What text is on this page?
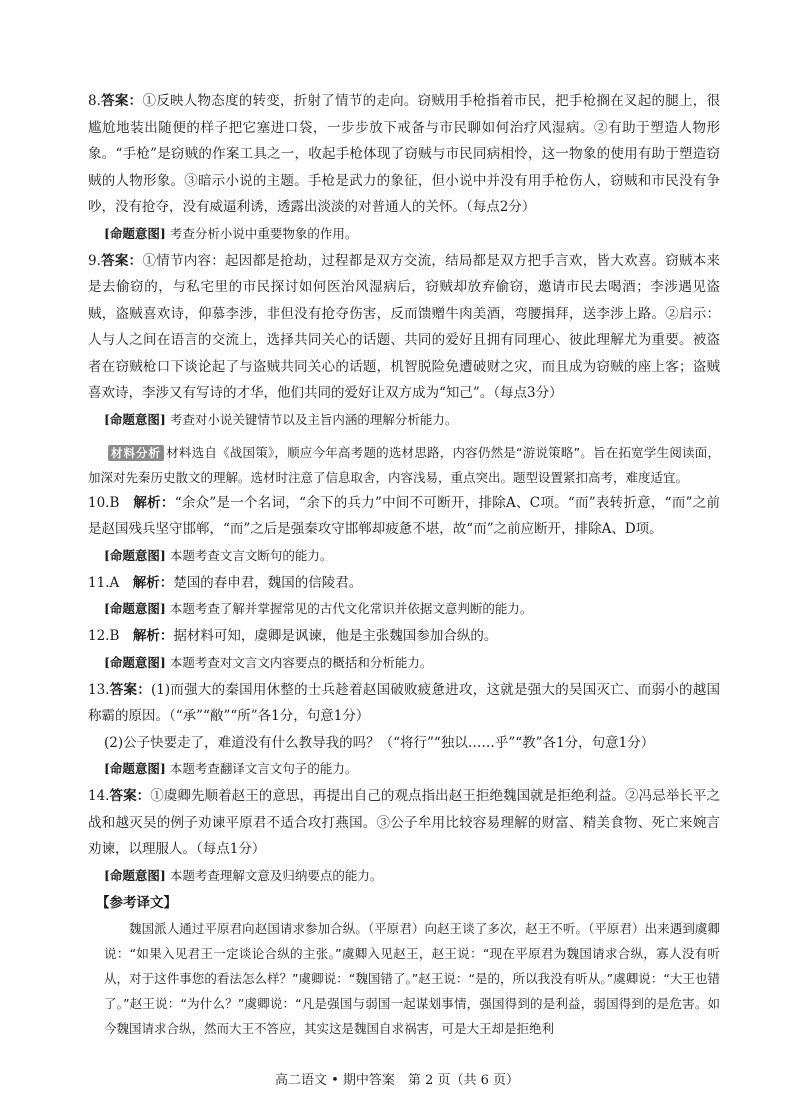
8.答案：①反映人物态度的转变，折射了情节的走向。窃贼用手枪指着市民，把手枪搁在叉起的腿上，很尴尬地装出随便的样子把它塞进口袋，一步步放下戒备与市民聊如何治疗风湿病。②有助于塑造人物形象。“手枪”是窃贼的作案工具之一，收起手枪体现了窃贼与市民同病相怜，这一物象的使用有助于塑造窃贼的人物形象。③暗示小说的主题。手枪是武力的象征，但小说中并没有用手枪伤人，窃贼和市民没有争吵，没有抢夺，没有威逼利诱，透露出淡淡的对普通人的关怀。（每点2分）
[命题意图] 考查分析小说中重要物象的作用。
9.答案：①情节内容：起因都是抢劫，过程都是双方交流，结局都是双方把手言欢，皆大欢喜。窃贼本来是去偷窃的，与私宅里的市民探讨如何医治风湿病后，窃贼却放弃偷窃，邀请市民去喝酒；李涉遇见盗贼，盗贼喜欢诗，仰慕李涉，非但没有抢夺伤害，反而馈赠牛肉美酒，弯腰揖拜，送李涉上路。②启示：人与人之间在语言的交流上，选择共同关心的话题、共同的爱好且拥有同理心、彼此理解尤为重要。被盗者在窃贼枪口下谈论起了与盗贼共同关心的话题，机智脱险免遭破财之灾，而且成为窃贼的座上客；盗贼喜欢诗，李涉又有写诗的才华，他们共同的爱好让双方成为“知己”。（每点3分）
[命题意图] 考查对小说关键情节以及主旨内涵的理解分析能力。
材料分析 材料选自《战国策》，顺应今年高考题的选材思路，内容仍然是“游说策略”。旨在拓宽学生阅读面，加深对先秦历史散文的理解。选材时注意了信息取舍，内容浅易，重点突出。题型设置紧扣高考，难度适宜。
10.B　 解析：“余众”是一个名词，“余下的兵力”中间不可断开，排除A、C项。“而”表转折意，“而”之前是赵国残兵坚守邯郸，“而”之后是强秦攻守邯郸却疲惫不堪，故“而”之前应断开，排除A、D项。
[命题意图] 本题考查文言文断句的能力。
11.A　 解析：楚国的春申君，魏国的信陵君。
[命题意图] 本题考查了解并掌握常见的古代文化常识并依据文意判断的能力。
12.B　 解析：据材料可知，虞卿是讽谏，他是主张魏国参加合纵的。
[命题意图] 本题考查对文言文内容要点的概括和分析能力。
13.答案：(1)而强大的秦国用休整的士兵趁着赵国破败疲惫进攻，这就是强大的吴国灭亡、而弱小的越国称霸的原因。（“承”“敝”“所”各1分，句意1分）
(2)公子快要走了，难道没有什么教导我的吗？（“将行”“独以……乎”“教”各1分，句意1分）
[命题意图] 本题考查翻译文言文句子的能力。
14.答案：①虞卿先顺着赵王的意思，再提出自己的观点指出赵王拒绝魏国就是拒绝利益。②冯忌举长平之战和越灭吴的例子劝谏平原君不适合攻打燕国。③公子牟用比较容易理解的财富、精美食物、死亡来婉言劝谏，以理服人。（每点1分）
[命题意图] 本题考查理解文意及归纳要点的能力。
【参考译文】
魏国派人通过平原君向赵国请求参加合纵。（平原君）向赵王谈了多次，赵王不听。（平原君）出来遇到虞卿说：“如果入见君王一定谈论合纵的主张。”虞卿入见赵王，赵王说：“现在平原君为魏国请求合纵，寡人没有听从，对于这件事您的看法怎么样？”虞卿说：“魏国错了。”赵王说：“是的，所以我没有听从。”虞卿说：“大王也错了。”赵王说：“为什么？”虞卿说：“凡是强国与弱国一起谋划事情，强国得到的是利益，弱国得到的是危害。如今魏国请求合纵，然而大王不答应，其实这是魏国自求祸害，可是大王却是拒绝利
高二语文 • 期中答案　第 2 页（共 6 页）
